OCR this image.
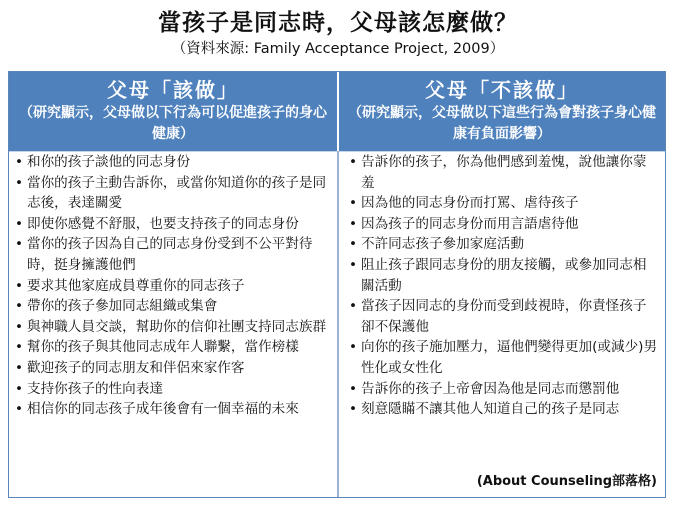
當孩子是同志時，父母該怎麼做？
（資料來源: Family Acceptance Project, 2009）
父母「該做」
（研究顯示，父母做以下行為可以促進孩子的身心健康）
父母「不該做」
（研究顯示，父母做以下這些行為會對孩子身心健康有負面影響）
• 和你的孩子談他的同志身份
• 當你的孩子主動告訴你，或當你知道你的孩子是同志後，表達關愛
• 即使你感覺不舒服，也要支持孩子的同志身份
• 當你的孩子因為自己的同志身份受到不公平對待時，挺身擁護他們
• 要求其他家庭成員尊重你的同志孩子
• 帶你的孩子參加同志組織或集會
• 與神職人員交談，幫助你的信仰社團支持同志族群
• 幫你的孩子與其他同志成年人聯繫，當作榜樣
• 歡迎孩子的同志朋友和伴侶來家作客
• 支持你孩子的性向表達
• 相信你的同志孩子成年後會有一個幸福的未來
• 告訴你的孩子，你為他們感到羞愧，說他讓你蒙羞
• 因為他的同志身份而打罵、虐待孩子
• 因為孩子的同志身份而用言語虐待他
• 不許同志孩子參加家庭活動
• 阻止孩子跟同志身份的朋友接觸，或參加同志相關活動
• 當孩子因同志的身份而受到歧視時，你責怪孩子卻不保護他
• 向你的孩子施加壓力，逼他們變得更加(或減少)男性化或女性化
• 告訴你的孩子上帝會因為他是同志而懲罰他
• 刻意隱瞞不讓其他人知道自己的孩子是同志
(About Counseling部落格)
